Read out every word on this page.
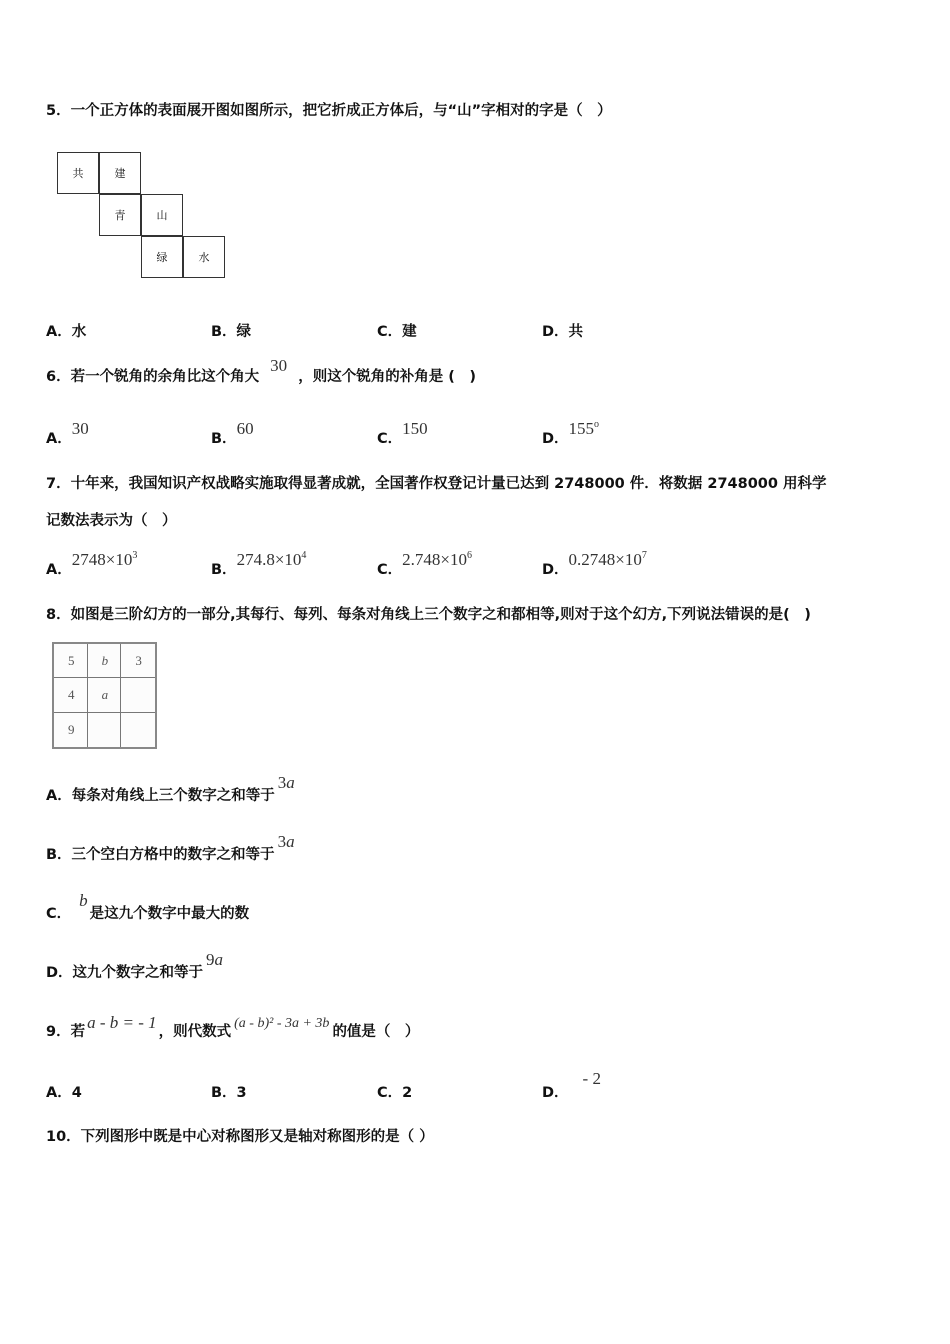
5．一个正方体的表面展开图如图所示，把它折成正方体后，与“山”字相对的字是（　）
共	建
青	山
绿	水
A．水	B．绿	C．建	D．共
6．若一个锐角的余角比这个角大 30 ，则这个锐角的补角是 (　)
A．30
B．60
C．150
D．155$^o$
7．十年来，我国知识产权战略实施取得显著成就，全国著作权登记计量已达到 2748000 件．将数据 2748000 用科学
记数法表示为（　）
A．$2748\times 10^3$
B．$274.8\times 10^4$
C．$2.748\times 10^6$
D．$0.2748\times 10^7$
8．如图是三阶幻方的一部分,其每行、每列、每条对角线上三个数字之和都相等,则对于这个幻方,下列说法错误的是(　)
5	b	3
4	a
9
A．每条对角线上三个数字之和等于3a
B．三个空白方格中的数字之和等于3a
C．b是这九个数字中最大的数
D．这九个数字之和等于9a
9．若 a - b = - 1 ，则代数式(a - b)² - 3a + 3b的值是（　）
A．4	B．3	C．2	D．- 2
10．下列图形中既是中心对称图形又是轴对称图形的是（ ）
